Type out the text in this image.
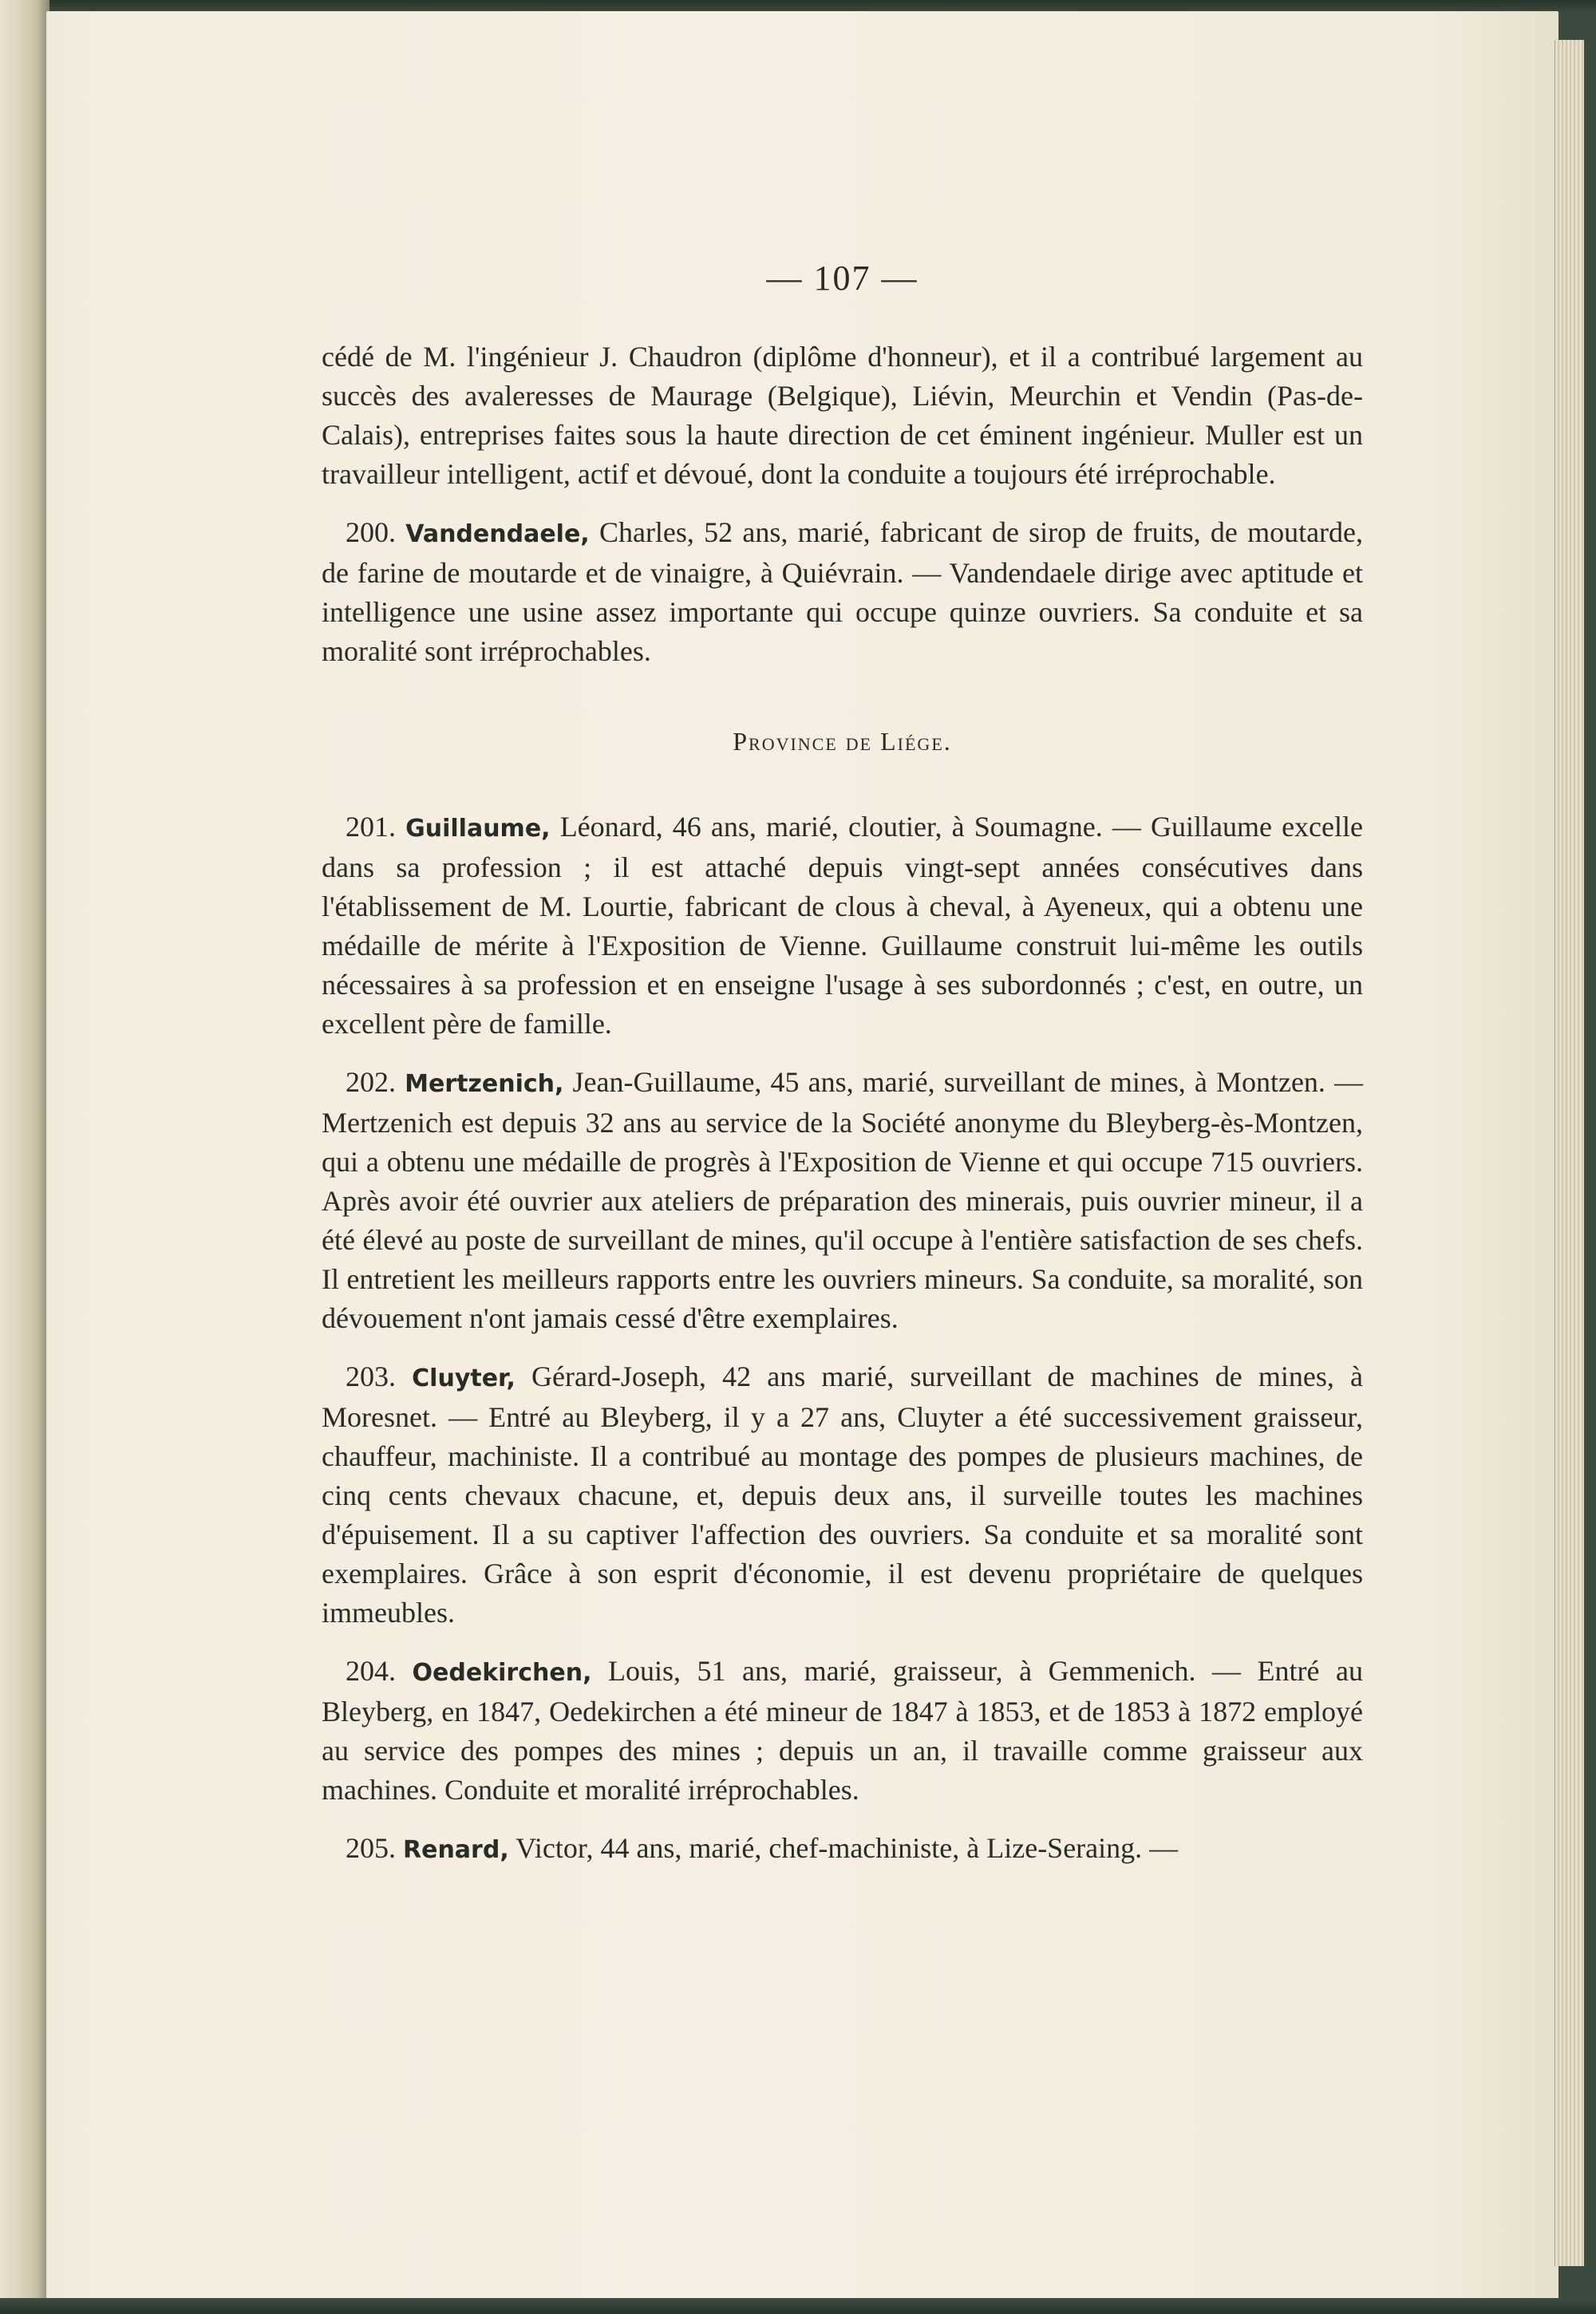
— 107 —

cédé de M. l'ingénieur J. Chaudron (diplôme d'honneur), et il a contribué largement au succès des avaleresses de Maurage (Belgique), Liévin, Meurchin et Vendin (Pas-de-Calais), entreprises faites sous la haute direction de cet éminent ingénieur. Muller est un travailleur intelligent, actif et dévoué, dont la conduite a toujours été irréprochable.

200. Vandendaele, Charles, 52 ans, marié, fabricant de sirop de fruits, de moutarde, de farine de moutarde et de vinaigre, à Quiévrain. — Vandendaele dirige avec aptitude et intelligence une usine assez importante qui occupe quinze ouvriers. Sa conduite et sa moralité sont irréprochables.

Province de Liége.

201. Guillaume, Léonard, 46 ans, marié, cloutier, à Soumagne. — Guillaume excelle dans sa profession ; il est attaché depuis vingt-sept années consécutives dans l'établissement de M. Lourtie, fabricant de clous à cheval, à Ayeneux, qui a obtenu une médaille de mérite à l'Exposition de Vienne. Guillaume construit lui-même les outils nécessaires à sa profession et en enseigne l'usage à ses subordonnés ; c'est, en outre, un excellent père de famille.

202. Mertzenich, Jean-Guillaume, 45 ans, marié, surveillant de mines, à Montzen. — Mertzenich est depuis 32 ans au service de la Société anonyme du Bleyberg-ès-Montzen, qui a obtenu une médaille de progrès à l'Exposition de Vienne et qui occupe 715 ouvriers. Après avoir été ouvrier aux ateliers de préparation des minerais, puis ouvrier mineur, il a été élevé au poste de surveillant de mines, qu'il occupe à l'entière satisfaction de ses chefs. Il entretient les meilleurs rapports entre les ouvriers mineurs. Sa conduite, sa moralité, son dévouement n'ont jamais cessé d'être exemplaires.

203. Cluyter, Gérard-Joseph, 42 ans marié, surveillant de machines de mines, à Moresnet. — Entré au Bleyberg, il y a 27 ans, Cluyter a été successivement graisseur, chauffeur, machiniste. Il a contribué au montage des pompes de plusieurs machines, de cinq cents chevaux chacune, et, depuis deux ans, il surveille toutes les machines d'épuisement. Il a su captiver l'affection des ouvriers. Sa conduite et sa moralité sont exemplaires. Grâce à son esprit d'économie, il est devenu propriétaire de quelques immeubles.

204. Oedekirchen, Louis, 51 ans, marié, graisseur, à Gemmenich. — Entré au Bleyberg, en 1847, Oedekirchen a été mineur de 1847 à 1853, et de 1853 à 1872 employé au service des pompes des mines ; depuis un an, il travaille comme graisseur aux machines. Conduite et moralité irréprochables.

205. Renard, Victor, 44 ans, marié, chef-machiniste, à Lize-Seraing. —
